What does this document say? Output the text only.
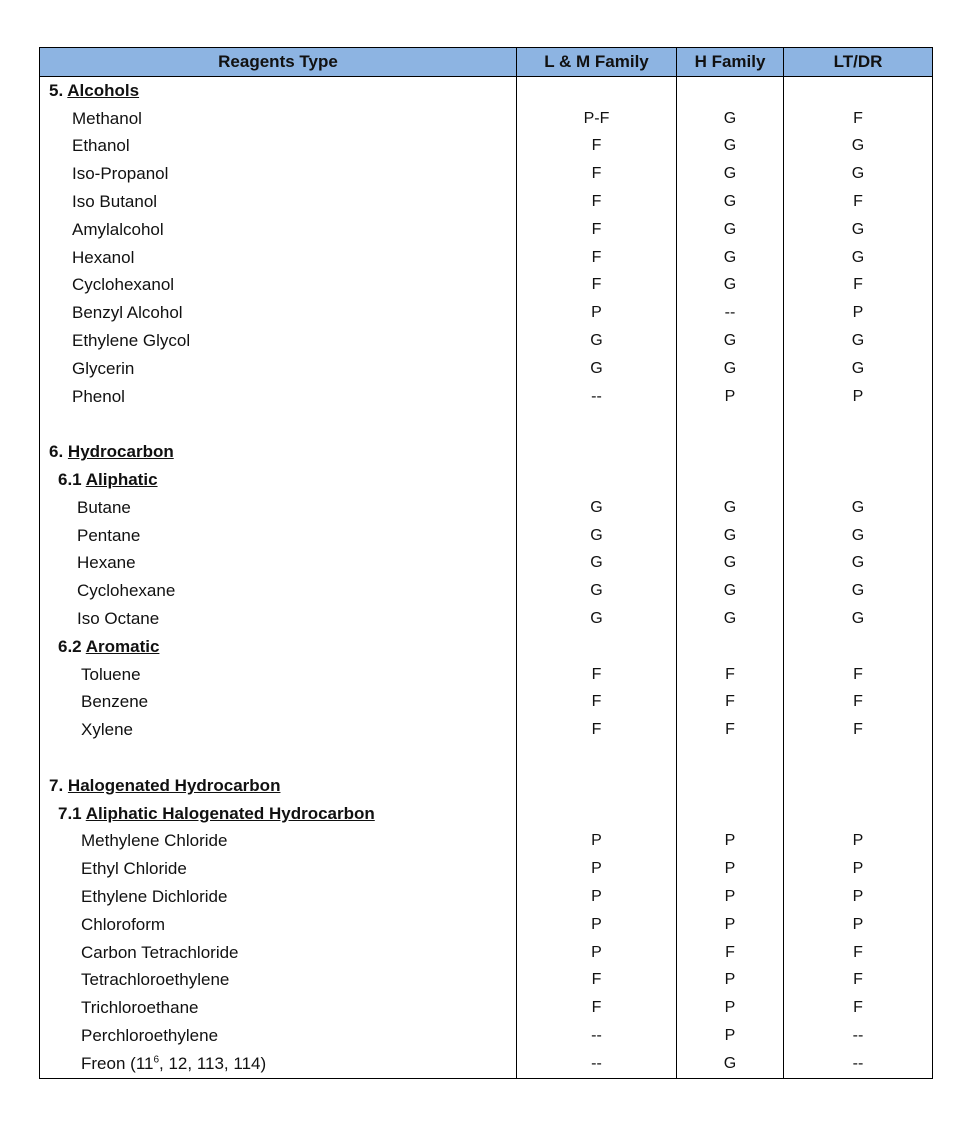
Reagents Type	L & M Family	H Family	LT/DR
5. Alcohols			
Methanol	P-F	G	F
Ethanol	F	G	G
Iso-Propanol	F	G	G
Iso Butanol	F	G	F
Amylalcohol	F	G	G
Hexanol	F	G	G
Cyclohexanol	F	G	F
Benzyl Alcohol	P	--	P
Ethylene Glycol	G	G	G
Glycerin	G	G	G
Phenol	--	P	P

6. Hydrocarbon			
6.1 Aliphatic			
Butane	G	G	G
Pentane	G	G	G
Hexane	G	G	G
Cyclohexane	G	G	G
Iso Octane	G	G	G
6.2 Aromatic			
Toluene	F	F	F
Benzene	F	F	F
Xylene	F	F	F

7. Halogenated Hydrocarbon			
7.1 Aliphatic Halogenated Hydrocarbon			
Methylene Chloride	P	P	P
Ethyl Chloride	P	P	P
Ethylene Dichloride	P	P	P
Chloroform	P	P	P
Carbon Tetrachloride	P	F	F
Tetrachloroethylene	F	P	F
Trichloroethane	F	P	F
Perchloroethylene	--	P	--
Freon ($11^6$, 12, 113, 114)	--	G	--
